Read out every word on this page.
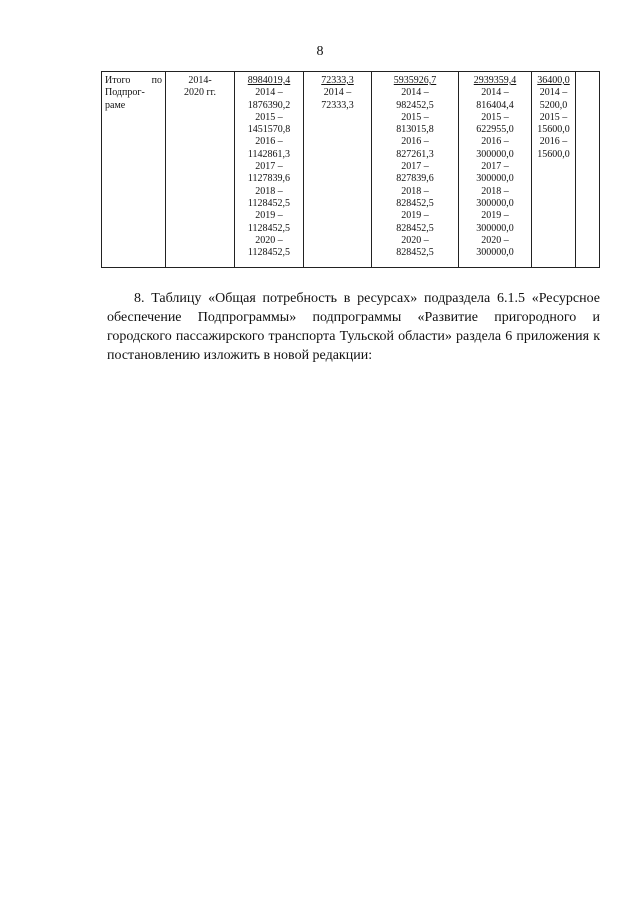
8
Итого по
Подпрог-
раме

2014-
2020 гг.

8984019,4
2014 –
1876390,2
2015 –
1451570,8
2016 –
1142861,3
2017 –
1127839,6
2018 –
1128452,5
2019 –
1128452,5
2020 –
1128452,5

72333,3
2014 –
72333,3

5935926,7
2014 –
982452,5
2015 –
813015,8
2016 –
827261,3
2017 –
827839,6
2018 –
828452,5
2019 –
828452,5
2020 –
828452,5

2939359,4
2014 –
816404,4
2015 –
622955,0
2016 –
300000,0
2017 –
300000,0
2018 –
300000,0
2019 –
300000,0
2020 –
300000,0

36400,0
2014 –
5200,0
2015 –
15600,0
2016 –
15600,0

8. Таблицу «Общая потребность в ресурсах» подраздела 6.1.5 «Ресурсное обеспечение Подпрограммы» подпрограммы «Развитие пригородного и городского пассажирского транспорта Тульской области» раздела 6 приложения к постановлению изложить в новой редакции:
